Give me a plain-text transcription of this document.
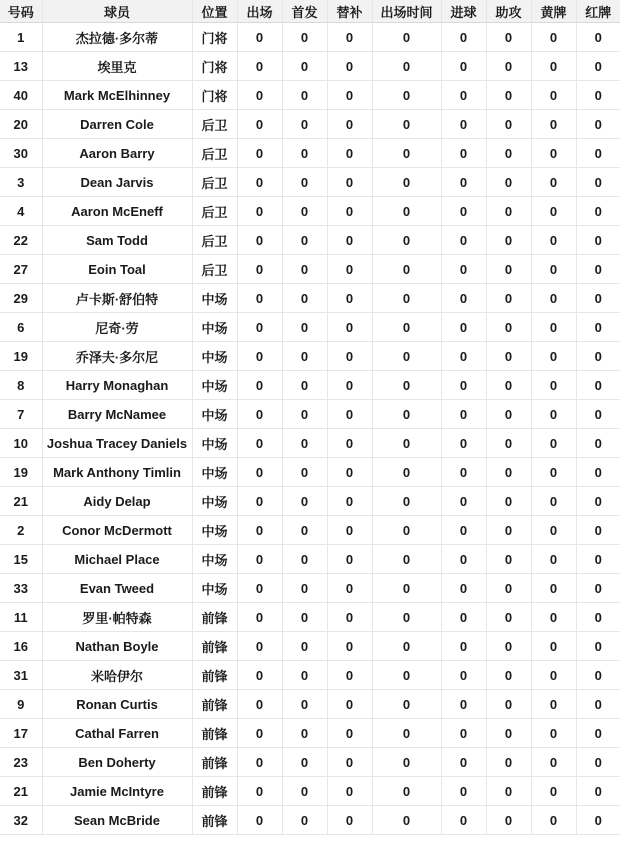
号码	球员	位置	出场	首发	替补	出场时间	进球	助攻	黄牌	红牌
1	杰拉德·多尔蒂	门将	0	0	0	0	0	0	0	0
13	埃里克	门将	0	0	0	0	0	0	0	0
40	Mark McElhinney	门将	0	0	0	0	0	0	0	0
20	Darren Cole	后卫	0	0	0	0	0	0	0	0
30	Aaron Barry	后卫	0	0	0	0	0	0	0	0
3	Dean Jarvis	后卫	0	0	0	0	0	0	0	0
4	Aaron McEneff	后卫	0	0	0	0	0	0	0	0
22	Sam Todd	后卫	0	0	0	0	0	0	0	0
27	Eoin Toal	后卫	0	0	0	0	0	0	0	0
29	卢卡斯·舒伯特	中场	0	0	0	0	0	0	0	0
6	尼奇·劳	中场	0	0	0	0	0	0	0	0
19	乔泽夫·多尔尼	中场	0	0	0	0	0	0	0	0
8	Harry Monaghan	中场	0	0	0	0	0	0	0	0
7	Barry McNamee	中场	0	0	0	0	0	0	0	0
10	Joshua Tracey Daniels	中场	0	0	0	0	0	0	0	0
19	Mark Anthony Timlin	中场	0	0	0	0	0	0	0	0
21	Aidy Delap	中场	0	0	0	0	0	0	0	0
2	Conor McDermott	中场	0	0	0	0	0	0	0	0
15	Michael Place	中场	0	0	0	0	0	0	0	0
33	Evan Tweed	中场	0	0	0	0	0	0	0	0
11	罗里·帕特森	前锋	0	0	0	0	0	0	0	0
16	Nathan Boyle	前锋	0	0	0	0	0	0	0	0
31	米哈伊尔	前锋	0	0	0	0	0	0	0	0
9	Ronan Curtis	前锋	0	0	0	0	0	0	0	0
17	Cathal Farren	前锋	0	0	0	0	0	0	0	0
23	Ben Doherty	前锋	0	0	0	0	0	0	0	0
21	Jamie McIntyre	前锋	0	0	0	0	0	0	0	0
32	Sean McBride	前锋	0	0	0	0	0	0	0	0
